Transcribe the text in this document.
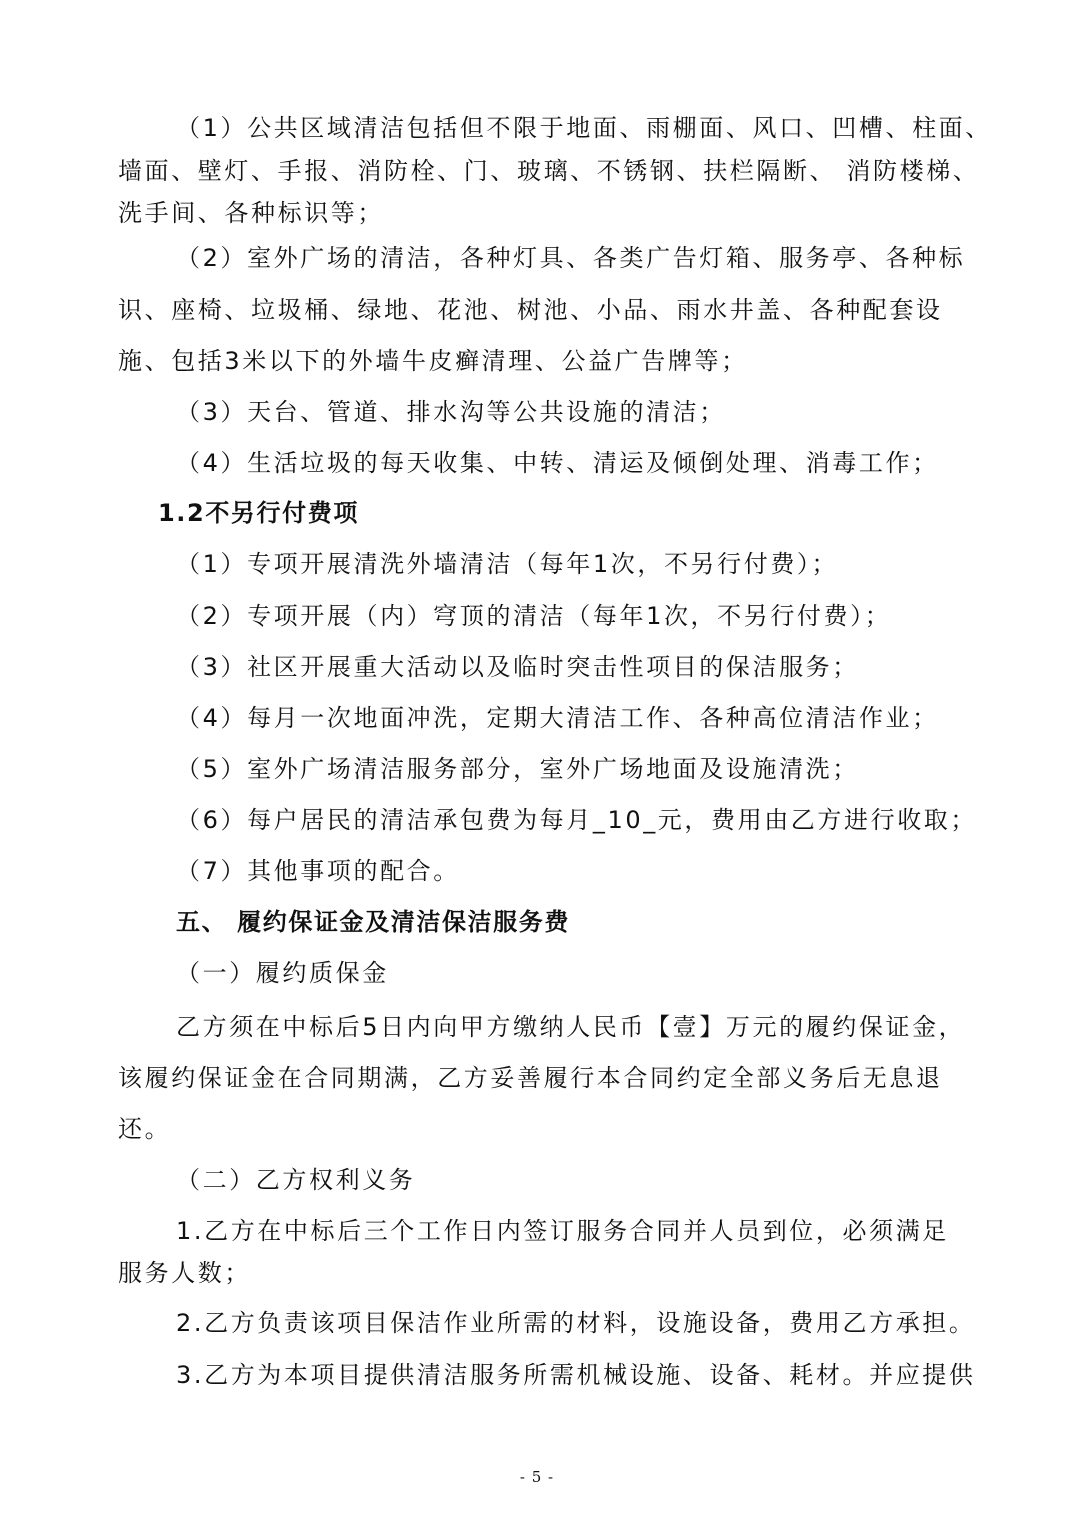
（1）公共区域清洁包括但不限于地面、雨棚面、风口、凹槽、柱面、
墙面、壁灯、手报、消防栓、门、玻璃、不锈钢、扶栏隔断、 消防楼梯、
洗手间、各种标识等；
（2）室外广场的清洁，各种灯具、各类广告灯箱、服务亭、各种标
识、座椅、垃圾桶、绿地、花池、树池、小品、雨水井盖、各种配套设
施、包括3米以下的外墙牛皮癣清理、公益广告牌等；
（3）天台、管道、排水沟等公共设施的清洁；
（4）生活垃圾的每天收集、中转、清运及倾倒处理、消毒工作；
1.2不另行付费项
（1）专项开展清洗外墙清洁（每年1次，不另行付费）；
（2）专项开展（内）穹顶的清洁（每年1次，不另行付费）；
（3）社区开展重大活动以及临时突击性项目的保洁服务；
（4）每月一次地面冲洗，定期大清洁工作、各种高位清洁作业；
（5）室外广场清洁服务部分，室外广场地面及设施清洗；
（6）每户居民的清洁承包费为每月_10_元，费用由乙方进行收取；
（7）其他事项的配合。
五、 履约保证金及清洁保洁服务费
（一）履约质保金
乙方须在中标后5日内向甲方缴纳人民币【壹】万元的履约保证金，
该履约保证金在合同期满，乙方妥善履行本合同约定全部义务后无息退
还。
（二）乙方权利义务
1.乙方在中标后三个工作日内签订服务合同并人员到位，必须满足
服务人数；
2.乙方负责该项目保洁作业所需的材料，设施设备，费用乙方承担。
3.乙方为本项目提供清洁服务所需机械设施、设备、耗材。并应提供
- 5 -
